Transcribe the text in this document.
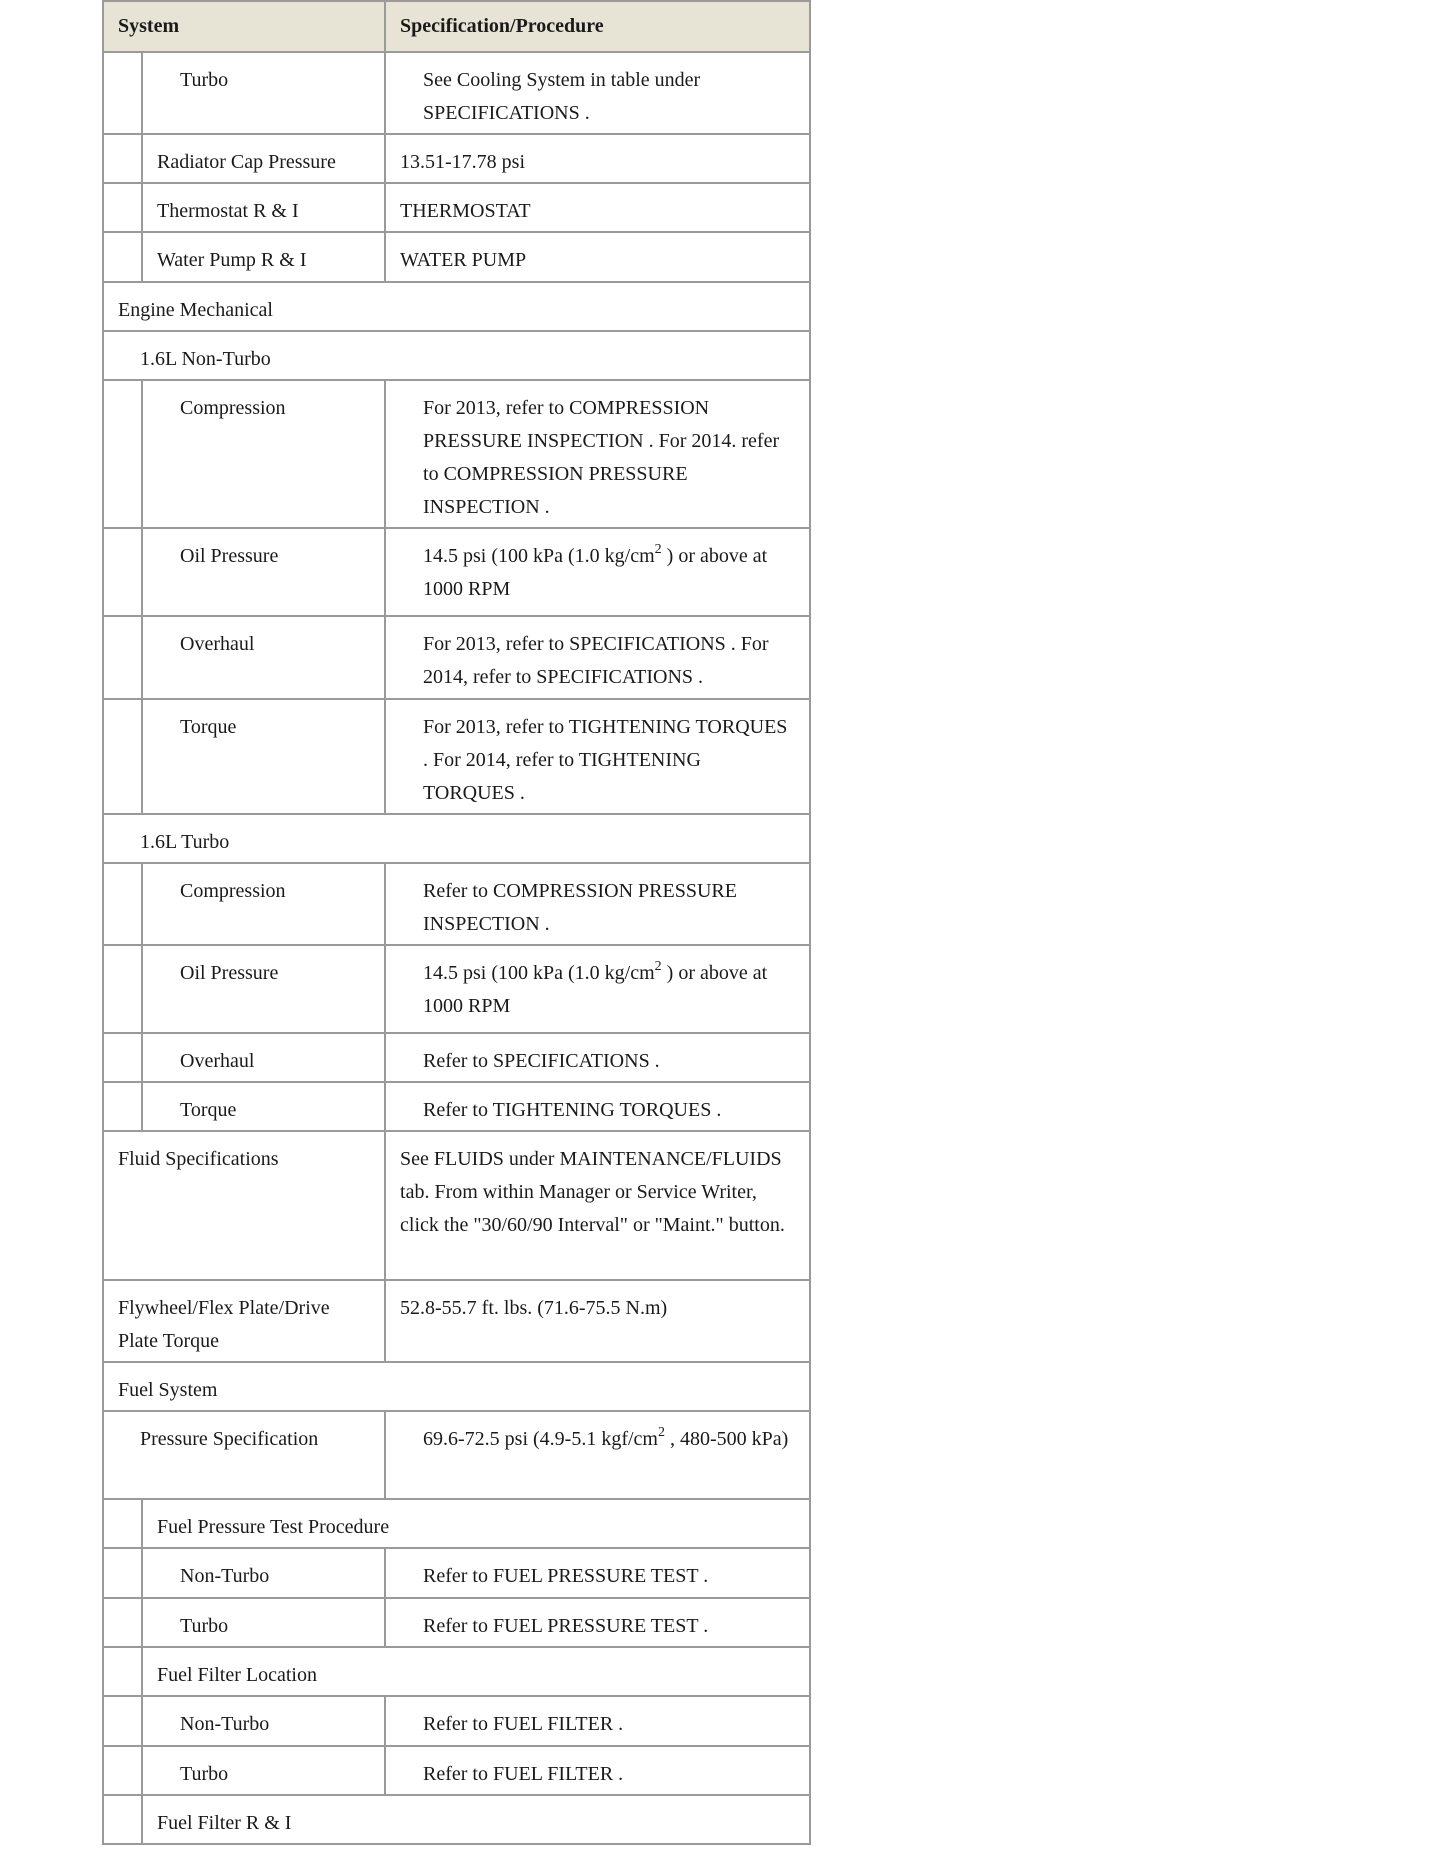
System		Specification/Procedure
	Turbo	See Cooling System in table under SPECIFICATIONS .
	Radiator Cap Pressure	13.51-17.78 psi
	Thermostat R & I	THERMOSTAT
	Water Pump R & I	WATER PUMP
Engine Mechanical		
1.6L Non-Turbo		
	Compression	For 2013, refer to COMPRESSION PRESSURE INSPECTION . For 2014. refer to COMPRESSION PRESSURE INSPECTION .
	Oil Pressure	14.5 psi (100 kPa (1.0 $kg/cm^2$ ) or above at 1000 RPM
	Overhaul	For 2013, refer to SPECIFICATIONS . For 2014, refer to SPECIFICATIONS .
	Torque	For 2013, refer to TIGHTENING TORQUES . For 2014, refer to TIGHTENING TORQUES .
1.6L Turbo		
	Compression	Refer to COMPRESSION PRESSURE INSPECTION .
	Oil Pressure	14.5 psi (100 kPa (1.0 $kg/cm^2$ ) or above at 1000 RPM
	Overhaul	Refer to SPECIFICATIONS .
	Torque	Refer to TIGHTENING TORQUES .
Fluid Specifications		See FLUIDS under MAINTENANCE/FLUIDS tab. From within Manager or Service Writer, click the "30/60/90 Interval" or "Maint." button.
Flywheel/Flex Plate/Drive Plate Torque		52.8-55.7 ft. lbs. (71.6-75.5 N.m)
Fuel System		
Pressure Specification		69.6-72.5 psi (4.9-5.1 kgf/$cm^2$ , 480-500 kPa)
	Fuel Pressure Test Procedure	
	Non-Turbo	Refer to FUEL PRESSURE TEST .
	Turbo	Refer to FUEL PRESSURE TEST .
	Fuel Filter Location	
	Non-Turbo	Refer to FUEL FILTER .
	Turbo	Refer to FUEL FILTER .
	Fuel Filter R & I	
